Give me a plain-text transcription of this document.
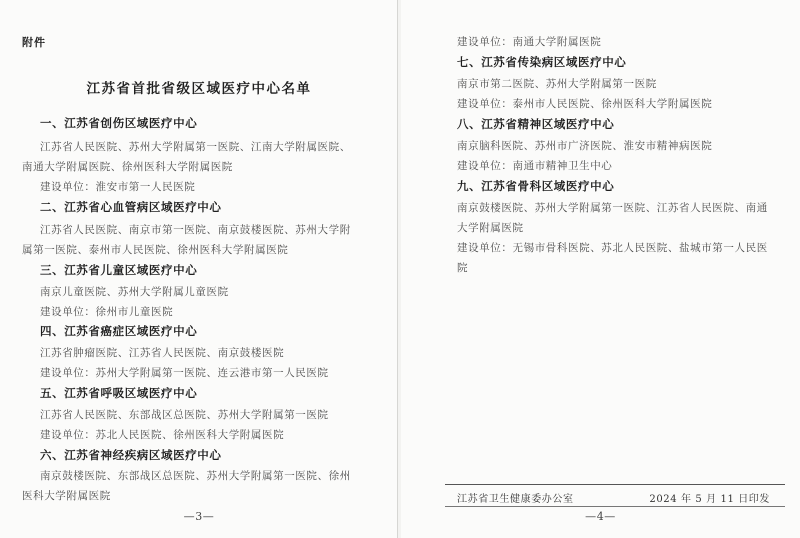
附件
江苏省首批省级区域医疗中心名单
一、江苏省创伤区域医疗中心
江苏省人民医院、苏州大学附属第一医院、江南大学附属医院、
南通大学附属医院、徐州医科大学附属医院
建设单位：淮安市第一人民医院
二、江苏省心血管病区域医疗中心
江苏省人民医院、南京市第一医院、南京鼓楼医院、苏州大学附
属第一医院、泰州市人民医院、徐州医科大学附属医院
三、江苏省儿童区域医疗中心
南京儿童医院、苏州大学附属儿童医院
建设单位：徐州市儿童医院
四、江苏省癌症区域医疗中心
江苏省肿瘤医院、江苏省人民医院、南京鼓楼医院
建设单位：苏州大学附属第一医院、连云港市第一人民医院
五、江苏省呼吸区域医疗中心
江苏省人民医院、东部战区总医院、苏州大学附属第一医院
建设单位：苏北人民医院、徐州医科大学附属医院
六、江苏省神经疾病区域医疗中心
南京鼓楼医院、东部战区总医院、苏州大学附属第一医院、徐州
医科大学附属医院
—3—
建设单位：南通大学附属医院
七、江苏省传染病区域医疗中心
南京市第二医院、苏州大学附属第一医院
建设单位：泰州市人民医院、徐州医科大学附属医院
八、江苏省精神区域医疗中心
南京脑科医院、苏州市广济医院、淮安市精神病医院
建设单位：南通市精神卫生中心
九、江苏省骨科区域医疗中心
南京鼓楼医院、苏州大学附属第一医院、江苏省人民医院、南通
大学附属医院
建设单位：无锡市骨科医院、苏北人民医院、盐城市第一人民医
院
江苏省卫生健康委办公室	2024 年 5 月 11 日印发
—4—
